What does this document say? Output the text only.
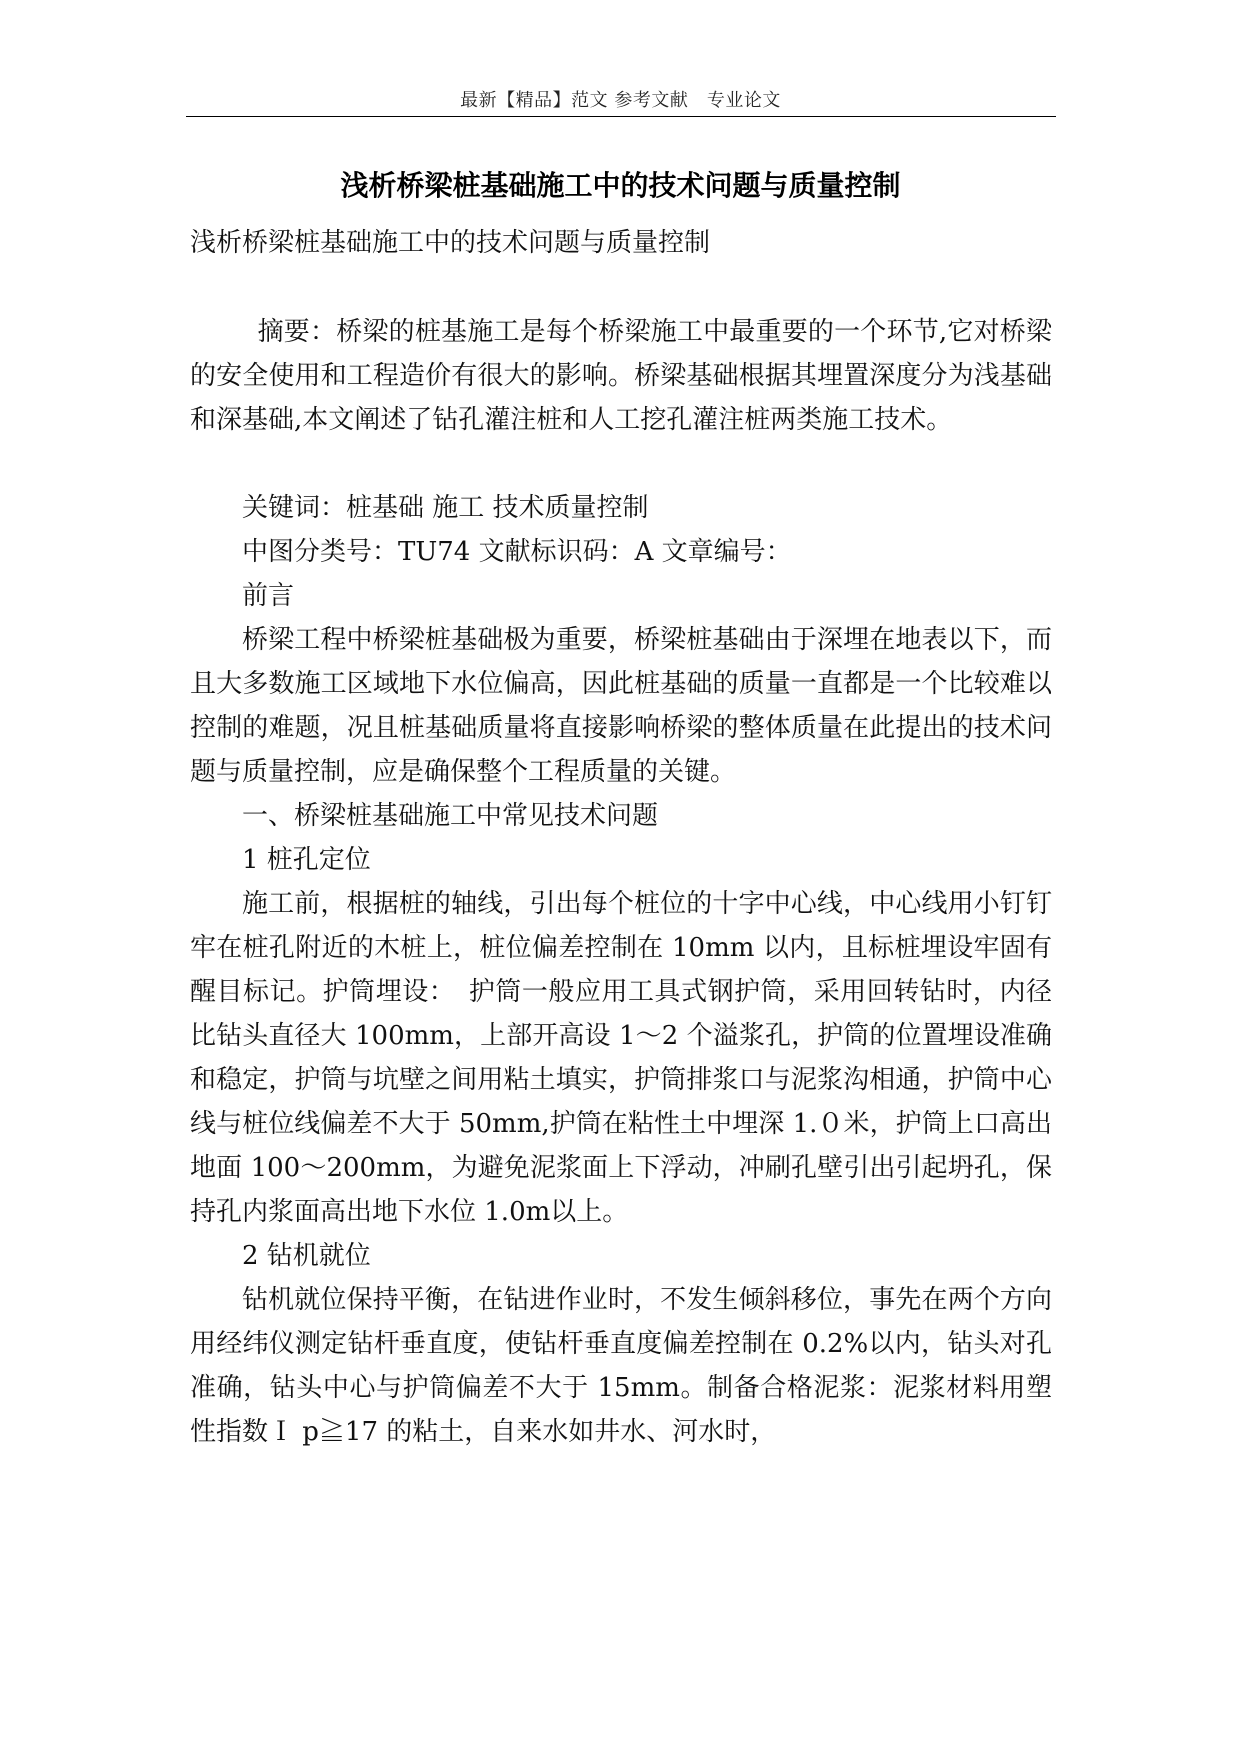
最新【精品】范文 参考文献　专业论文
浅析桥梁桩基础施工中的技术问题与质量控制
浅析桥梁桩基础施工中的技术问题与质量控制

摘要：桥梁的桩基施工是每个桥梁施工中最重要的一个环节,它对桥梁的安全使用和工程造价有很大的影响。桥梁基础根据其埋置深度分为浅基础和深基础,本文阐述了钻孔灌注桩和人工挖孔灌注桩两类施工技术。

关键词：桩基础 施工 技术质量控制

中图分类号：TU74 文献标识码：A 文章编号：

前言

桥梁工程中桥梁桩基础极为重要，桥梁桩基础由于深埋在地表以下，而且大多数施工区域地下水位偏高，因此桩基础的质量一直都是一个比较难以控制的难题，况且桩基础质量将直接影响桥梁的整体质量在此提出的技术问题与质量控制，应是确保整个工程质量的关键。

一、桥梁桩基础施工中常见技术问题

1 桩孔定位

施工前，根据桩的轴线，引出每个桩位的十字中心线，中心线用小钉钉牢在桩孔附近的木桩上，桩位偏差控制在 10mm 以内，且标桩埋设牢固有醒目标记。护筒埋设：　护筒一般应用工具式钢护筒，采用回转钻时，内径比钻头直径大 100mm，上部开高设 1～2 个溢浆孔，护筒的位置埋设准确和稳定，护筒与坑壁之间用粘土填实，护筒排浆口与泥浆沟相通，护筒中心线与桩位线偏差不大于 50mm,护筒在粘性土中埋深 1.０米，护筒上口高出地面 100～200mm，为避免泥浆面上下浮动，冲刷孔壁引出引起坍孔，保持孔内浆面高出地下水位 1.0m以上。

2 钻机就位

钻机就位保持平衡，在钻进作业时，不发生倾斜移位，事先在两个方向用经纬仪测定钻杆垂直度，使钻杆垂直度偏差控制在 0.2%以内，钻头对孔准确，钻头中心与护筒偏差不大于 15mm。制备合格泥浆：泥浆材料用塑性指数Ｉ p≧17 的粘土，自来水如井水、河水时，
